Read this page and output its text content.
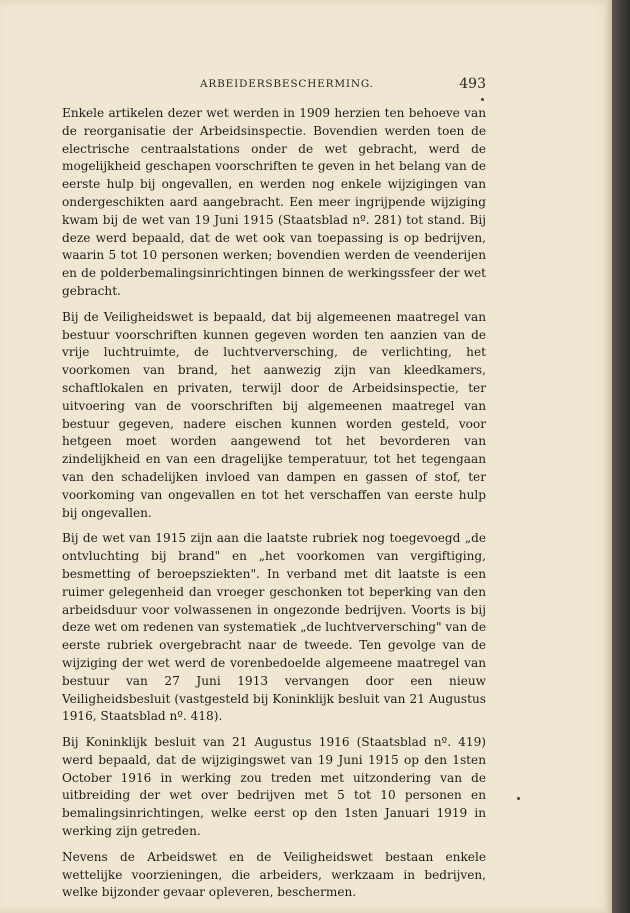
ARBEIDERSBESCHERMING.	493

Enkele artikelen dezer wet werden in 1909 herzien ten behoeve van de reorganisatie der Arbeidsinspectie. Bovendien werden toen de electrische centraalstations onder de wet gebracht, werd de mogelijkheid geschapen voorschriften te geven in het belang van de eerste hulp bij ongevallen, en werden nog enkele wijzigingen van ondergeschikten aard aangebracht. Een meer ingrijpende wijziging kwam bij de wet van 19 Juni 1915 (Staatsblad nº. 281) tot stand. Bij deze werd bepaald, dat de wet ook van toepassing is op bedrijven, waarin 5 tot 10 personen werken; bovendien werden de veenderijen en de polderbemalingsinrichtingen binnen de werkingssfeer der wet gebracht.

Bij de Veiligheidswet is bepaald, dat bij algemeenen maatregel van bestuur voorschriften kunnen gegeven worden ten aanzien van de vrije luchtruimte, de luchtverversching, de verlichting, het voorkomen van brand, het aanwezig zijn van kleedkamers, schaftlokalen en privaten, terwijl door de Arbeidsinspectie, ter uitvoering van de voorschriften bij algemeenen maatregel van bestuur gegeven, nadere eischen kunnen worden gesteld, voor hetgeen moet worden aangewend tot het bevorderen van zindelijkheid en van een dragelijke temperatuur, tot het tegengaan van den schadelijken invloed van dampen en gassen of stof, ter voorkoming van ongevallen en tot het verschaffen van eerste hulp bij ongevallen.

Bij de wet van 1915 zijn aan die laatste rubriek nog toegevoegd „de ontvluchting bij brand" en „het voorkomen van vergiftiging, besmetting of beroepsziekten". In verband met dit laatste is een ruimer gelegenheid dan vroeger geschonken tot beperking van den arbeidsduur voor volwassenen in ongezonde bedrijven. Voorts is bij deze wet om redenen van systematiek „de luchtverversching" van de eerste rubriek overgebracht naar de tweede. Ten gevolge van de wijziging der wet werd de vorenbedoelde algemeene maatregel van bestuur van 27 Juni 1913 vervangen door een nieuw Veiligheidsbesluit (vastgesteld bij Koninklijk besluit van 21 Augustus 1916, Staatsblad nº. 418).

Bij Koninklijk besluit van 21 Augustus 1916 (Staatsblad nº. 419) werd bepaald, dat de wijzigingswet van 19 Juni 1915 op den 1sten October 1916 in werking zou treden met uitzondering van de uitbreiding der wet over bedrijven met 5 tot 10 personen en bemalingsinrichtingen, welke eerst op den 1sten Januari 1919 in werking zijn getreden.

Nevens de Arbeidswet en de Veiligheidswet bestaan enkele wettelijke voorzieningen, die arbeiders, werkzaam in bedrijven, welke bijzonder gevaar opleveren, beschermen.
